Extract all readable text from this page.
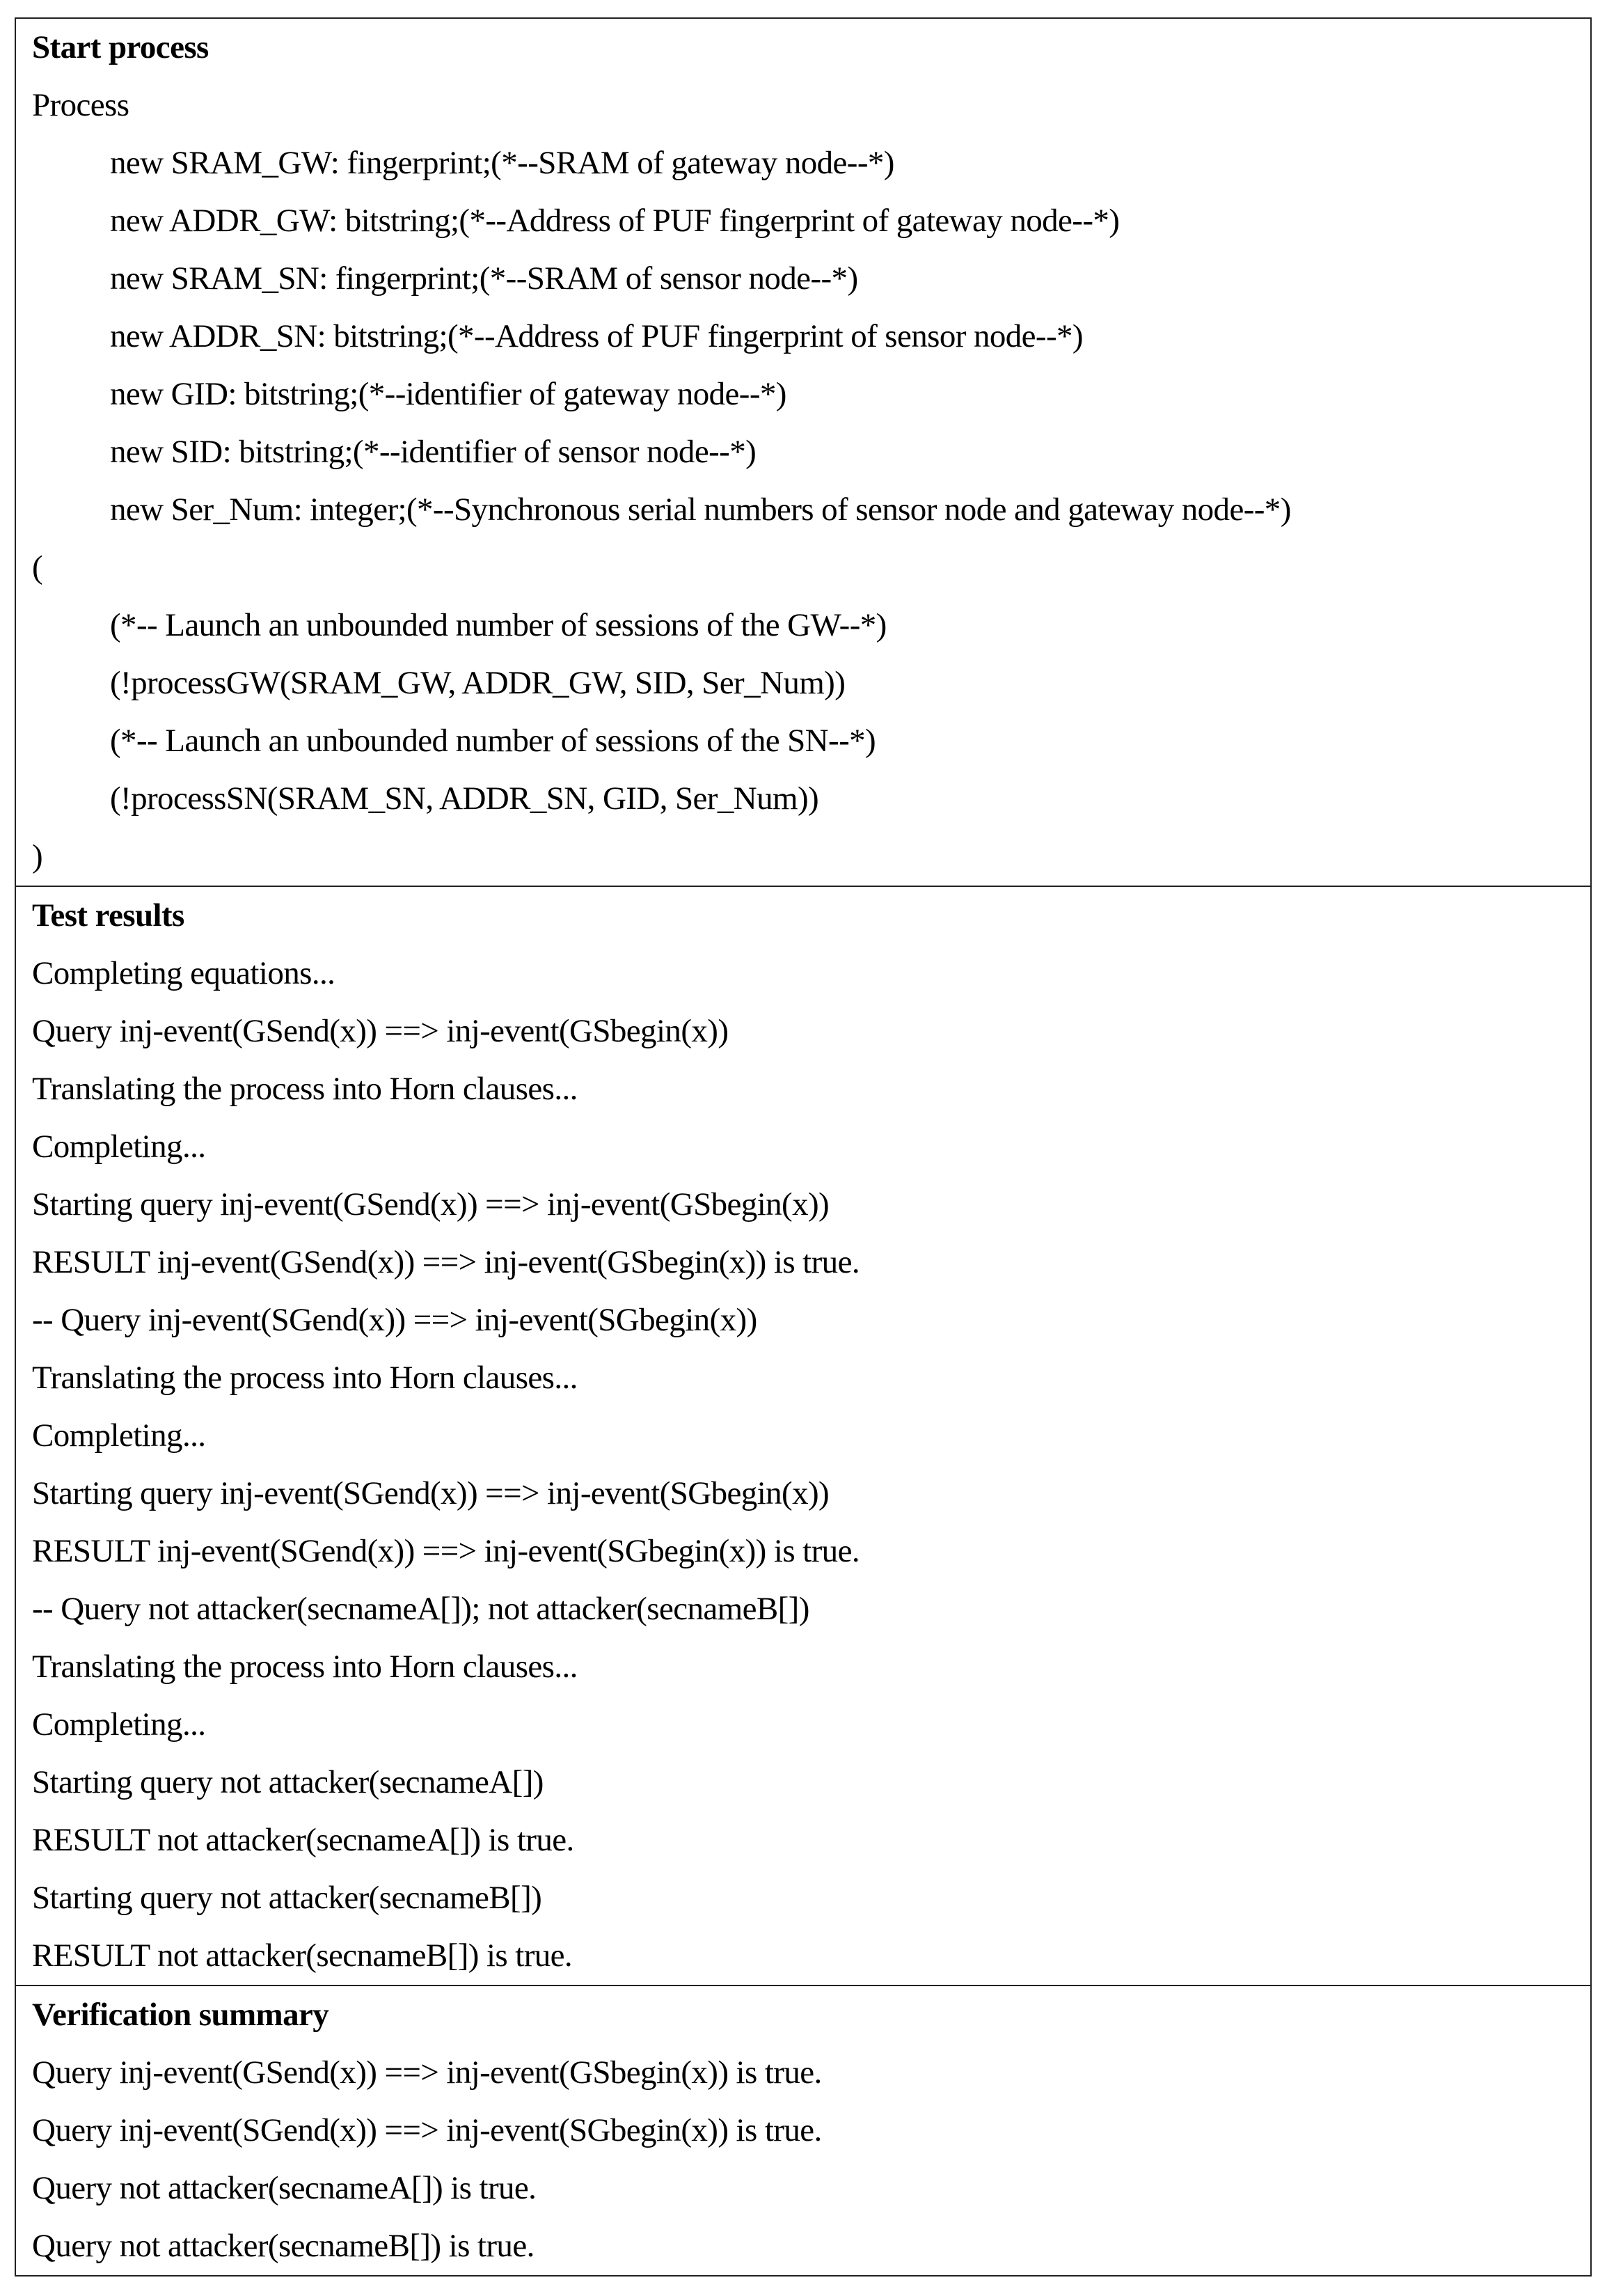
Start process
Process
new SRAM_GW: fingerprint;(*--SRAM of gateway node--*)
new ADDR_GW: bitstring;(*--Address of PUF fingerprint of gateway node--*)
new SRAM_SN: fingerprint;(*--SRAM of sensor node--*)
new ADDR_SN: bitstring;(*--Address of PUF fingerprint of sensor node--*)
new GID: bitstring;(*--identifier of gateway node--*)
new SID: bitstring;(*--identifier of sensor node--*)
new Ser_Num: integer;(*--Synchronous serial numbers of sensor node and gateway node--*)
(
(*-- Launch an unbounded number of sessions of the GW--*)
(!processGW(SRAM_GW, ADDR_GW, SID, Ser_Num))
(*-- Launch an unbounded number of sessions of the SN--*)
(!processSN(SRAM_SN, ADDR_SN, GID, Ser_Num))
)
Test results
Completing equations...
Query inj-event(GSend(x)) ==> inj-event(GSbegin(x))
Translating the process into Horn clauses...
Completing...
Starting query inj-event(GSend(x)) ==> inj-event(GSbegin(x))
RESULT inj-event(GSend(x)) ==> inj-event(GSbegin(x)) is true.
-- Query inj-event(SGend(x)) ==> inj-event(SGbegin(x))
Translating the process into Horn clauses...
Completing...
Starting query inj-event(SGend(x)) ==> inj-event(SGbegin(x))
RESULT inj-event(SGend(x)) ==> inj-event(SGbegin(x)) is true.
-- Query not attacker(secnameA[]); not attacker(secnameB[])
Translating the process into Horn clauses...
Completing...
Starting query not attacker(secnameA[])
RESULT not attacker(secnameA[]) is true.
Starting query not attacker(secnameB[])
RESULT not attacker(secnameB[]) is true.
Verification summary
Query inj-event(GSend(x)) ==> inj-event(GSbegin(x)) is true.
Query inj-event(SGend(x)) ==> inj-event(SGbegin(x)) is true.
Query not attacker(secnameA[]) is true.
Query not attacker(secnameB[]) is true.
